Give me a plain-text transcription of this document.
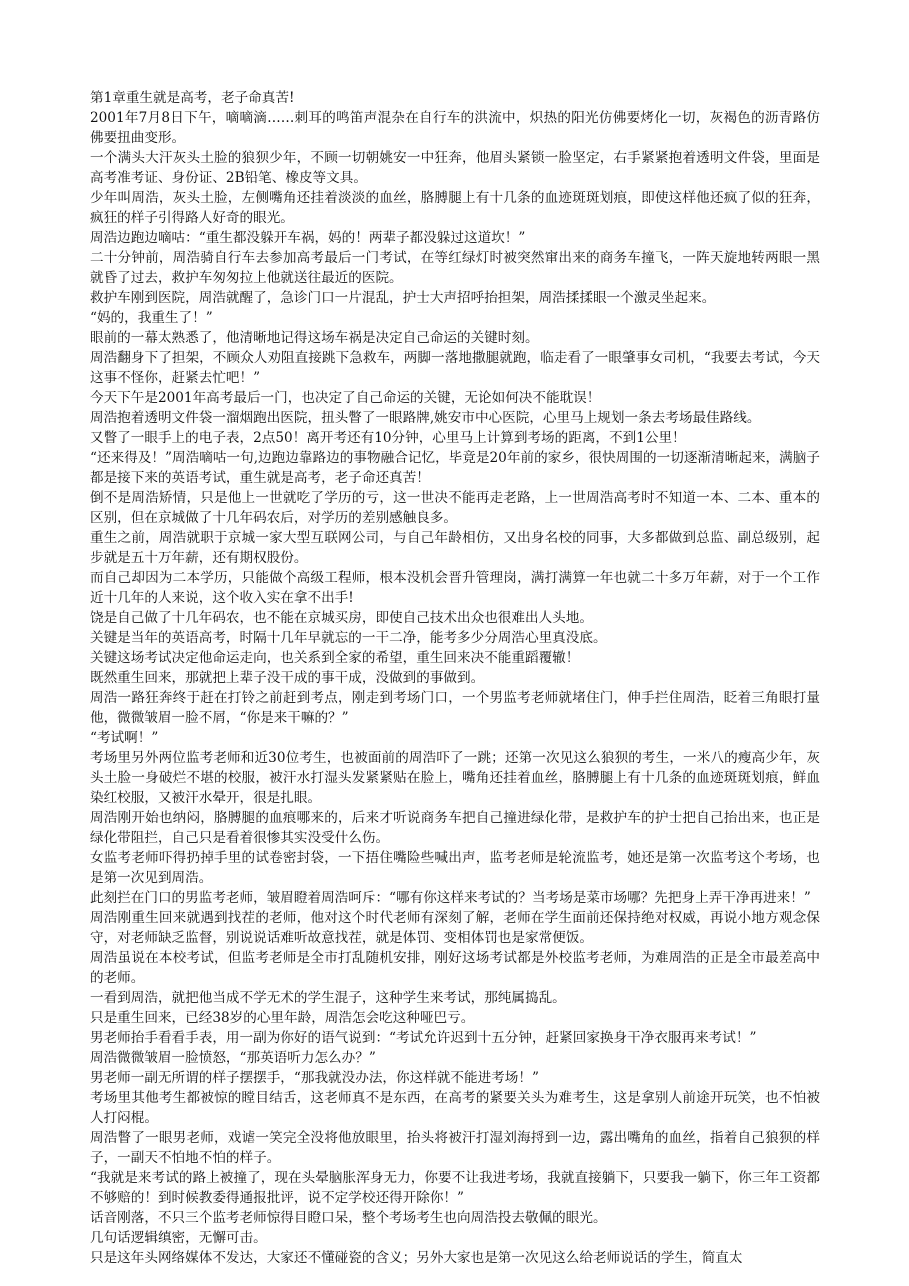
第1章重生就是高考，老子命真苦!

2001年7月8日下午，嘀嘀滴……刺耳的鸣笛声混杂在自行车的洪流中，炽热的阳光仿佛要烤化一切，灰褐色的沥青路仿佛要扭曲变形。

一个满头大汗灰头土脸的狼狈少年，不顾一切朝姚安一中狂奔，他眉头紧锁一脸坚定，右手紧紧抱着透明文件袋，里面是高考准考证、身份证、2B铅笔、橡皮等文具。

少年叫周浩，灰头土脸，左侧嘴角还挂着淡淡的血丝，胳膊腿上有十几条的血迹斑斑划痕，即使这样他还疯了似的狂奔，疯狂的样子引得路人好奇的眼光。

周浩边跑边嘀咕：“重生都没躲开车祸，妈的！两辈子都没躲过这道坎！”

二十分钟前，周浩骑自行车去参加高考最后一门考试，在等红绿灯时被突然窜出来的商务车撞飞，一阵天旋地转两眼一黑就昏了过去，救护车匆匆拉上他就送往最近的医院。

救护车刚到医院，周浩就醒了，急诊门口一片混乱，护士大声招呼抬担架，周浩揉揉眼一个激灵坐起来。

“妈的，我重生了！”

眼前的一幕太熟悉了，他清晰地记得这场车祸是决定自己命运的关键时刻。

周浩翻身下了担架，不顾众人劝阻直接跳下急救车，两脚一落地撒腿就跑，临走看了一眼肇事女司机，“我要去考试，今天这事不怪你，赶紧去忙吧！”

今天下午是2001年高考最后一门，也决定了自己命运的关键，无论如何决不能耽误！

周浩抱着透明文件袋一溜烟跑出医院，扭头瞥了一眼路牌,姚安市中心医院，心里马上规划一条去考场最佳路线。

又瞥了一眼手上的电子表，2点50！离开考还有10分钟，心里马上计算到考场的距离，不到1公里！

“还来得及！”周浩嘀咕一句,边跑边靠路边的事物融合记忆，毕竟是20年前的家乡，很快周围的一切逐渐清晰起来，满脑子都是接下来的英语考试，重生就是高考，老子命还真苦！

倒不是周浩矫情，只是他上一世就吃了学历的亏，这一世决不能再走老路，上一世周浩高考时不知道一本、二本、重本的区别，但在京城做了十几年码农后，对学历的差别感触良多。

重生之前，周浩就职于京城一家大型互联网公司，与自己年龄相仿，又出身名校的同事，大多都做到总监、副总级别，起步就是五十万年薪，还有期权股份。

而自己却因为二本学历，只能做个高级工程师，根本没机会晋升管理岗，满打满算一年也就二十多万年薪，对于一个工作近十几年的人来说，这个收入实在拿不出手!

饶是自己做了十几年码农，也不能在京城买房，即使自己技术出众也很难出人头地。

关键是当年的英语高考，时隔十几年早就忘的一干二净，能考多少分周浩心里真没底。

关键这场考试决定他命运走向，也关系到全家的希望，重生回来决不能重蹈覆辙！

既然重生回来，那就把上辈子没干成的事干成，没做到的事做到。

周浩一路狂奔终于赶在打铃之前赶到考点，刚走到考场门口，一个男监考老师就堵住门，伸手拦住周浩，眨着三角眼打量他，微微皱眉一脸不屑，“你是来干嘛的？”

“考试啊！”

考场里另外两位监考老师和近30位考生，也被面前的周浩吓了一跳；还第一次见这么狼狈的考生，一米八的瘦高少年，灰头土脸一身破烂不堪的校服，被汗水打湿头发紧紧贴在脸上，嘴角还挂着血丝，胳膊腿上有十几条的血迹斑斑划痕，鲜血染红校服，又被汗水晕开，很是扎眼。

周浩刚开始也纳闷，胳膊腿的血痕哪来的，后来才听说商务车把自己撞进绿化带，是救护车的护士把自己抬出来，也正是绿化带阻拦，自己只是看着很惨其实没受什么伤。

女监考老师吓得扔掉手里的试卷密封袋，一下捂住嘴险些喊出声，监考老师是轮流监考，她还是第一次监考这个考场，也是第一次见到周浩。

此刻拦在门口的男监考老师，皱眉瞪着周浩呵斥：“哪有你这样来考试的？当考场是菜市场哪？先把身上弄干净再进来！”

周浩刚重生回来就遇到找茬的老师，他对这个时代老师有深刻了解，老师在学生面前还保持绝对权威，再说小地方观念保守，对老师缺乏监督，别说说话难听故意找茬，就是体罚、变相体罚也是家常便饭。

周浩虽说在本校考试，但监考老师是全市打乱随机安排，刚好这场考试都是外校监考老师，为难周浩的正是全市最差高中的老师。

一看到周浩，就把他当成不学无术的学生混子，这种学生来考试，那纯属捣乱。

只是重生回来，已经38岁的心里年龄，周浩怎会吃这种哑巴亏。

男老师抬手看看手表，用一副为你好的语气说到：“考试允许迟到十五分钟，赶紧回家换身干净衣服再来考试！”

周浩微微皱眉一脸愤怒，“那英语听力怎么办？”

男老师一副无所谓的样子摆摆手，“那我就没办法，你这样就不能进考场！”

考场里其他考生都被惊的瞠目结舌，这老师真不是东西，在高考的紧要关头为难考生，这是拿别人前途开玩笑，也不怕被人打闷棍。

周浩瞥了一眼男老师，戏谑一笑完全没将他放眼里，抬头将被汗打湿刘海捋到一边，露出嘴角的血丝，指着自己狼狈的样子，一副天不怕地不怕的样子。

“我就是来考试的路上被撞了，现在头晕脑胀浑身无力，你要不让我进考场，我就直接躺下，只要我一躺下，你三年工资都不够赔的！到时候教委得通报批评，说不定学校还得开除你！”

话音刚落，不只三个监考老师惊得目瞪口呆，整个考场考生也向周浩投去敬佩的眼光。

几句话逻辑缜密，无懈可击。

只是这年头网络媒体不发达，大家还不懂碰瓷的含义；另外大家也是第一次见这么给老师说话的学生，简直太
